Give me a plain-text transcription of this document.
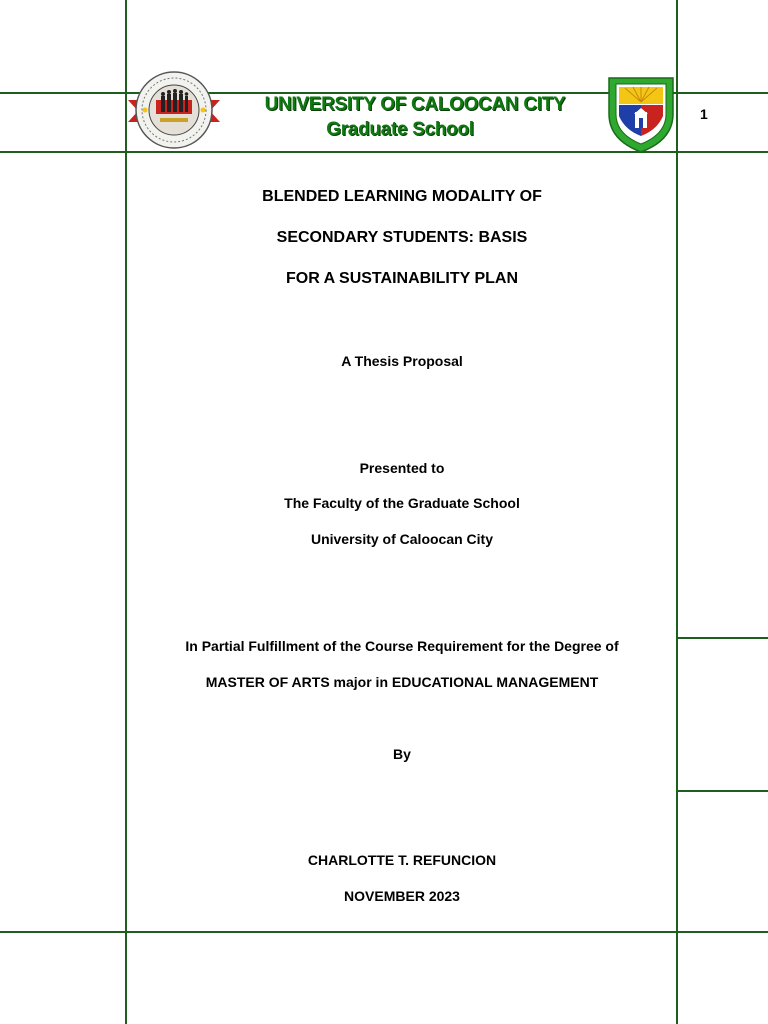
UNIVERSITY OF CALOOCAN CITY
Graduate School
1
BLENDED LEARNING MODALITY OF
SECONDARY STUDENTS: BASIS
FOR A SUSTAINABILITY PLAN
A Thesis Proposal
Presented to
The Faculty of the Graduate School
University of Caloocan City
In Partial Fulfillment of the Course Requirement for the Degree of
MASTER OF ARTS major in EDUCATIONAL MANAGEMENT
By
CHARLOTTE T. REFUNCION
NOVEMBER 2023
